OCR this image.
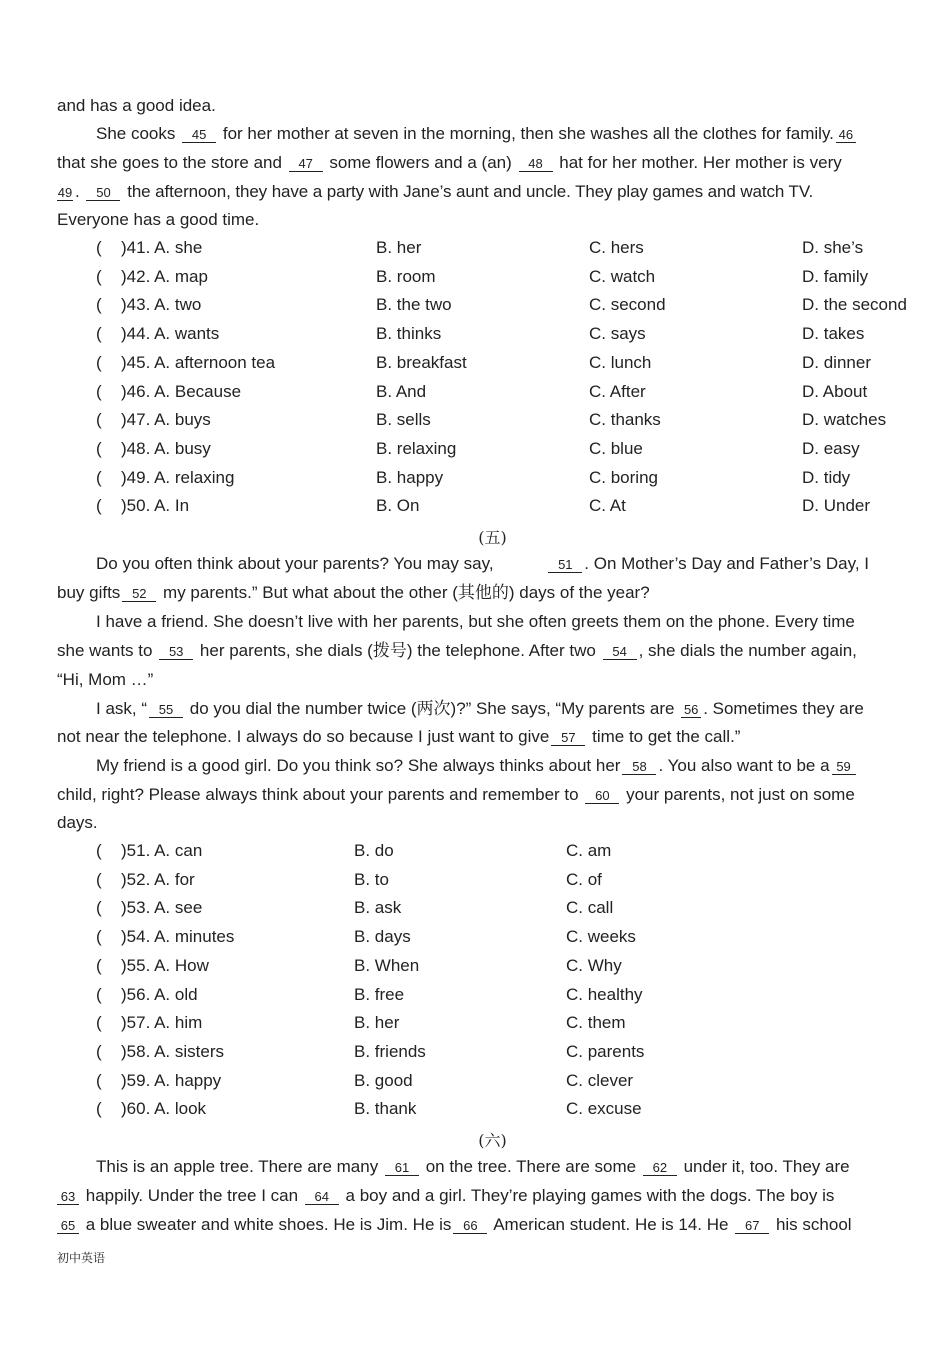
and has a good idea.
She cooks 45 for her mother at seven in the morning, then she washes all the clothes for family. 46
that she goes to the store and 47 some flowers and a (an) 48 hat for her mother. Her mother is very
49 . 50 the afternoon, they have a party with Jane’s aunt and uncle. They play games and watch TV.
Everyone has a good time.
( )41. A. she	B. her	C. hers	D. she’s
( )42. A. map	B. room	C. watch	D. family
( )43. A. two	B. the two	C. second	D. the second
( )44. A. wants	B. thinks	C. says	D. takes
( )45. A. afternoon tea	B. breakfast	C. lunch	D. dinner
( )46. A. Because	B. And	C. After	D. About
( )47. A. buys	B. sells	C. thanks	D. watches
( )48. A. busy	B. relaxing	C. blue	D. easy
( )49. A. relaxing	B. happy	C. boring	D. tidy
( )50. A. In	B. On	C. At	D. Under
(五)
Do you often think about your parents? You may say,	51 . On Mother’s Day and Father’s Day, I
buy gifts 52 my parents.” But what about the other (其他的) days of the year?
I have a friend. She doesn’t live with her parents, but she often greets them on the phone. Every time
she wants to 53 her parents, she dials (拨号) the telephone. After two 54 , she dials the number again,
“Hi, Mom …”
I ask, “ 55 do you dial the number twice (两次)?” She says, “My parents are 56 . Sometimes they are
not near the telephone. I always do so because I just want to give 57 time to get the call.”
My friend is a good girl. Do you think so? She always thinks about her 58 . You also want to be a 59
child, right? Please always think about your parents and remember to 60 your parents, not just on some
days.
( )51. A. can	B. do	C. am
( )52. A. for	B. to	C. of
( )53. A. see	B. ask	C. call
( )54. A. minutes	B. days	C. weeks
( )55. A. How	B. When	C. Why
( )56. A. old	B. free	C. healthy
( )57. A. him	B. her	C. them
( )58. A. sisters	B. friends	C. parents
( )59. A. happy	B. good	C. clever
( )60. A. look	B. thank	C. excuse
(六)
This is an apple tree. There are many 61 on the tree. There are some 62 under it, too. They are
63 happily. Under the tree I can 64 a boy and a girl. They’re playing games with the dogs. The boy is
65 a blue sweater and white shoes. He is Jim. He is 66 American student. He is 14. He 67 his school
初中英语
